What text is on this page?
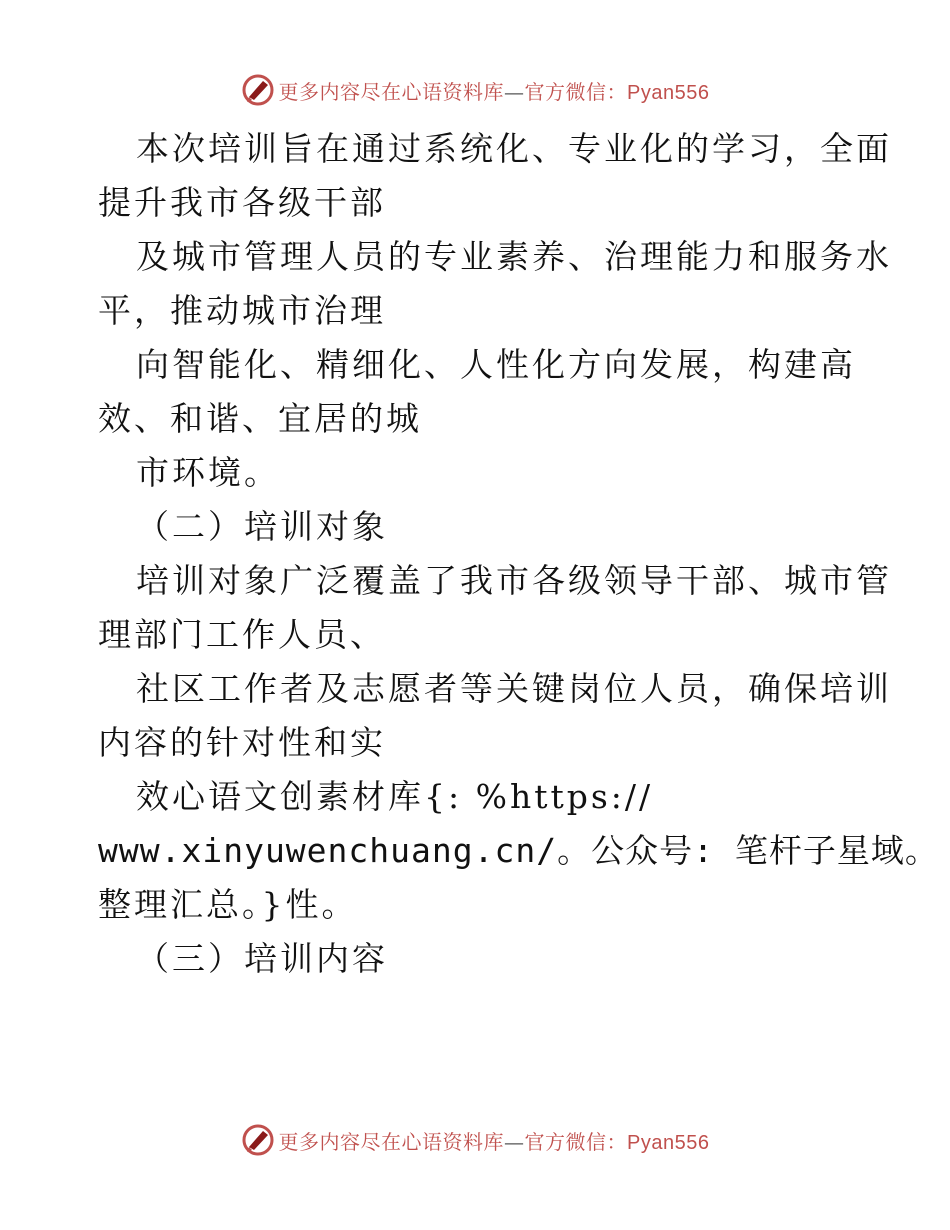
更多内容尽在心语资料库—官方微信：Pyan556
本次培训旨在通过系统化、专业化的学习，全面
提升我市各级干部
及城市管理人员的专业素养、治理能力和服务水
平，推动城市治理
向智能化、精细化、人性化方向发展，构建高
效、和谐、宜居的城
市环境。
（二）培训对象
培训对象广泛覆盖了我市各级领导干部、城市管
理部门工作人员、
社区工作者及志愿者等关键岗位人员，确保培训
内容的针对性和实
效心语文创素材库{: %https://
www.xinyuwenchuang.cn/。公众号: 笔杆子星域。
整理汇总。}性。
（三）培训内容
更多内容尽在心语资料库—官方微信：Pyan556
